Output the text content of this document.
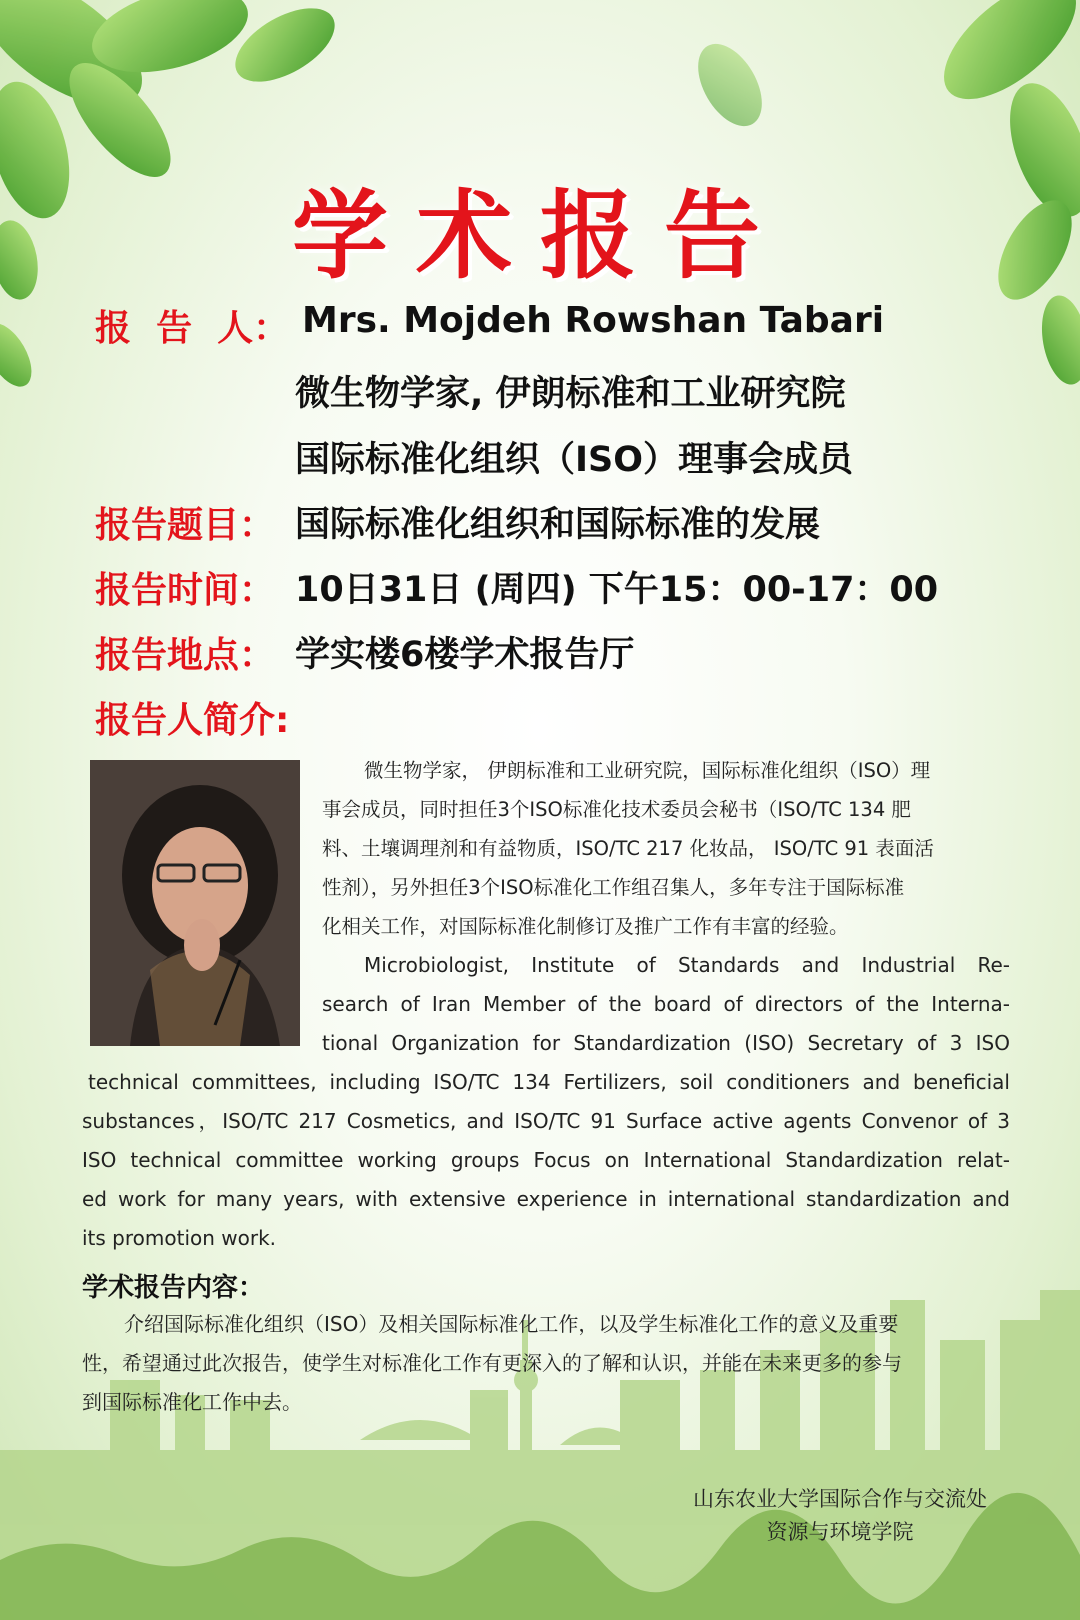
学术报告
报  告  人： Mrs. Mojdeh Rowshan Tabari
微生物学家, 伊朗标准和工业研究院
国际标准化组织（ISO）理事会成员
报告题目： 国际标准化组织和国际标准的发展
报告时间： 10日31日 (周四) 下午15：00-17：00
报告地点： 学实楼6楼学术报告厅
报告人简介:
微生物学家， 伊朗标准和工业研究院，国际标准化组织（ISO）理
事会成员，同时担任3个ISO标准化技术委员会秘书（ISO/TC 134 肥
料、土壤调理剂和有益物质，ISO/TC 217 化妆品， ISO/TC 91 表面活
性剂），另外担任3个ISO标准化工作组召集人，多年专注于国际标准
化相关工作，对国际标准化制修订及推广工作有丰富的经验。
Microbiologist, Institute of Standards and Industrial Re-
search of Iran Member of the board of directors of the Interna-
tional Organization for Standardization (ISO) Secretary of 3 ISO
technical committees, including ISO/TC 134 Fertilizers, soil conditioners and beneficial
substances，ISO/TC 217 Cosmetics, and ISO/TC 91 Surface active agents Convenor of 3
ISO technical committee working groups Focus on International Standardization relat-
ed work for many years, with extensive experience in international standardization and
its promotion work.
学术报告内容：
介绍国际标准化组织（ISO）及相关国际标准化工作，以及学生标准化工作的意义及重要
性，希望通过此次报告，使学生对标准化工作有更深入的了解和认识，并能在未来更多的参与
到国际标准化工作中去。
山东农业大学国际合作与交流处
资源与环境学院
